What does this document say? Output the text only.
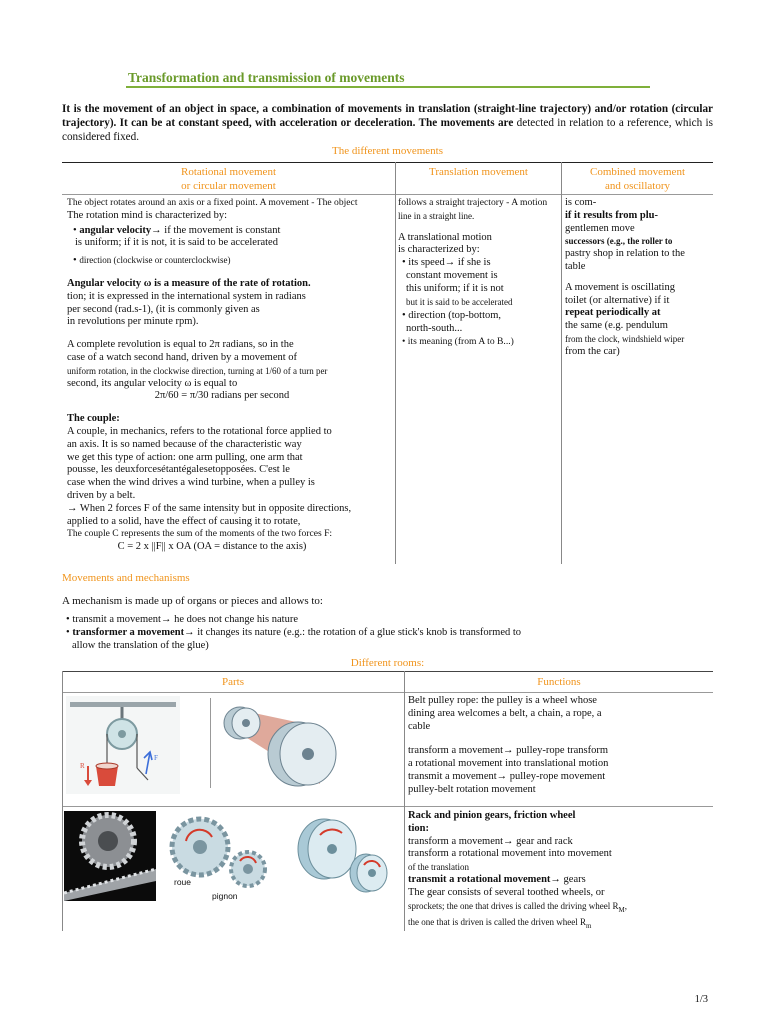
Transformation and transmission of movements
It is the movement of an object in space, a combination of movements in translation (straight-line trajectory) and/or rotation (circular trajectory). It can be at constant speed, with acceleration or deceleration. The movements are detected in relation to a reference, which is considered fixed.
The different movements
Rotational movement
or circular movement
Translation movement	Combined movement
and oscillatory

The object rotates around an axis or a fixed point. A movement - The object

The rotation mind is characterized by:

• angular velocity→ if the movement is constant

is uniform; if it is not, it is said to be accelerated

• direction (clockwise or counterclockwise)

Angular velocity ω is a measure of the rate of rotation.

tion; it is expressed in the international system in radians

per second (rad.s-1), (it is commonly given as

in revolutions per minute rpm).

A complete revolution is equal to 2π radians, so in the

case of a watch second hand, driven by a movement of

uniform rotation, in the clockwise direction, turning at 1/60 of a turn per

second, its angular velocity ω is equal to

2π/60 = π/30 radians per second

The couple:

A couple, in mechanics, refers to the rotational force applied to

an axis. It is so named because of the characteristic way

we get this type of action: one arm pulling, one arm that

pousse, les deuxforcesétantégalesetopposées. C'est le

case when the wind drives a wind turbine, when a pulley is

driven by a belt.

→ When 2 forces F of the same intensity but in opposite directions,

applied to a solid, have the effect of causing it to rotate,

The couple C represents the sum of the moments of the two forces F:

C = 2 x ||F|| x OA (OA = distance to the axis)

follows a straight trajectory - A motion

line in a straight line.

A translational motion

is characterized by:

• its speed→ if she is

constant movement is

this uniform; if it is not

but it is said to be accelerated

• direction (top-bottom,

north-south...

• its meaning (from A to B...)

is com-

if it results from plu-

gentlemen move

successors (e.g., the roller to

pastry shop in relation to the

table

A movement is oscillating

toilet (or alternative) if it

repeat periodically at

the same (e.g. pendulum

from the clock, windshield wiper

from the car)

Movements and mechanisms
A mechanism is made up of organs or pieces and allows to:

• transmit a movement→ he does not change his nature

• transformer a movement→ it changes its nature (e.g.: the rotation of a glue stick's knob is transformed to

allow the translation of the glue)

Different rooms:
Parts	Functions
R
F

Belt pulley rope: the pulley is a wheel whose

dining area welcomes a belt, a chain, a rope, a

cable

transform a movement→ pulley-rope transform

a rotational movement into translational motion

transmit a movement→ pulley-rope movement

pulley-belt rotation movement

roue
pignon

Rack and pinion gears, friction wheel

tion:

transform a movement→ gear and rack

transform a rotational movement into movement

of the translation

transmit a rotational movement→ gears

The gear consists of several toothed wheels, or

sprockets; the one that drives is called the driving wheel $R_M$,

the one that is driven is called the driven wheel $R_m$

1/3
